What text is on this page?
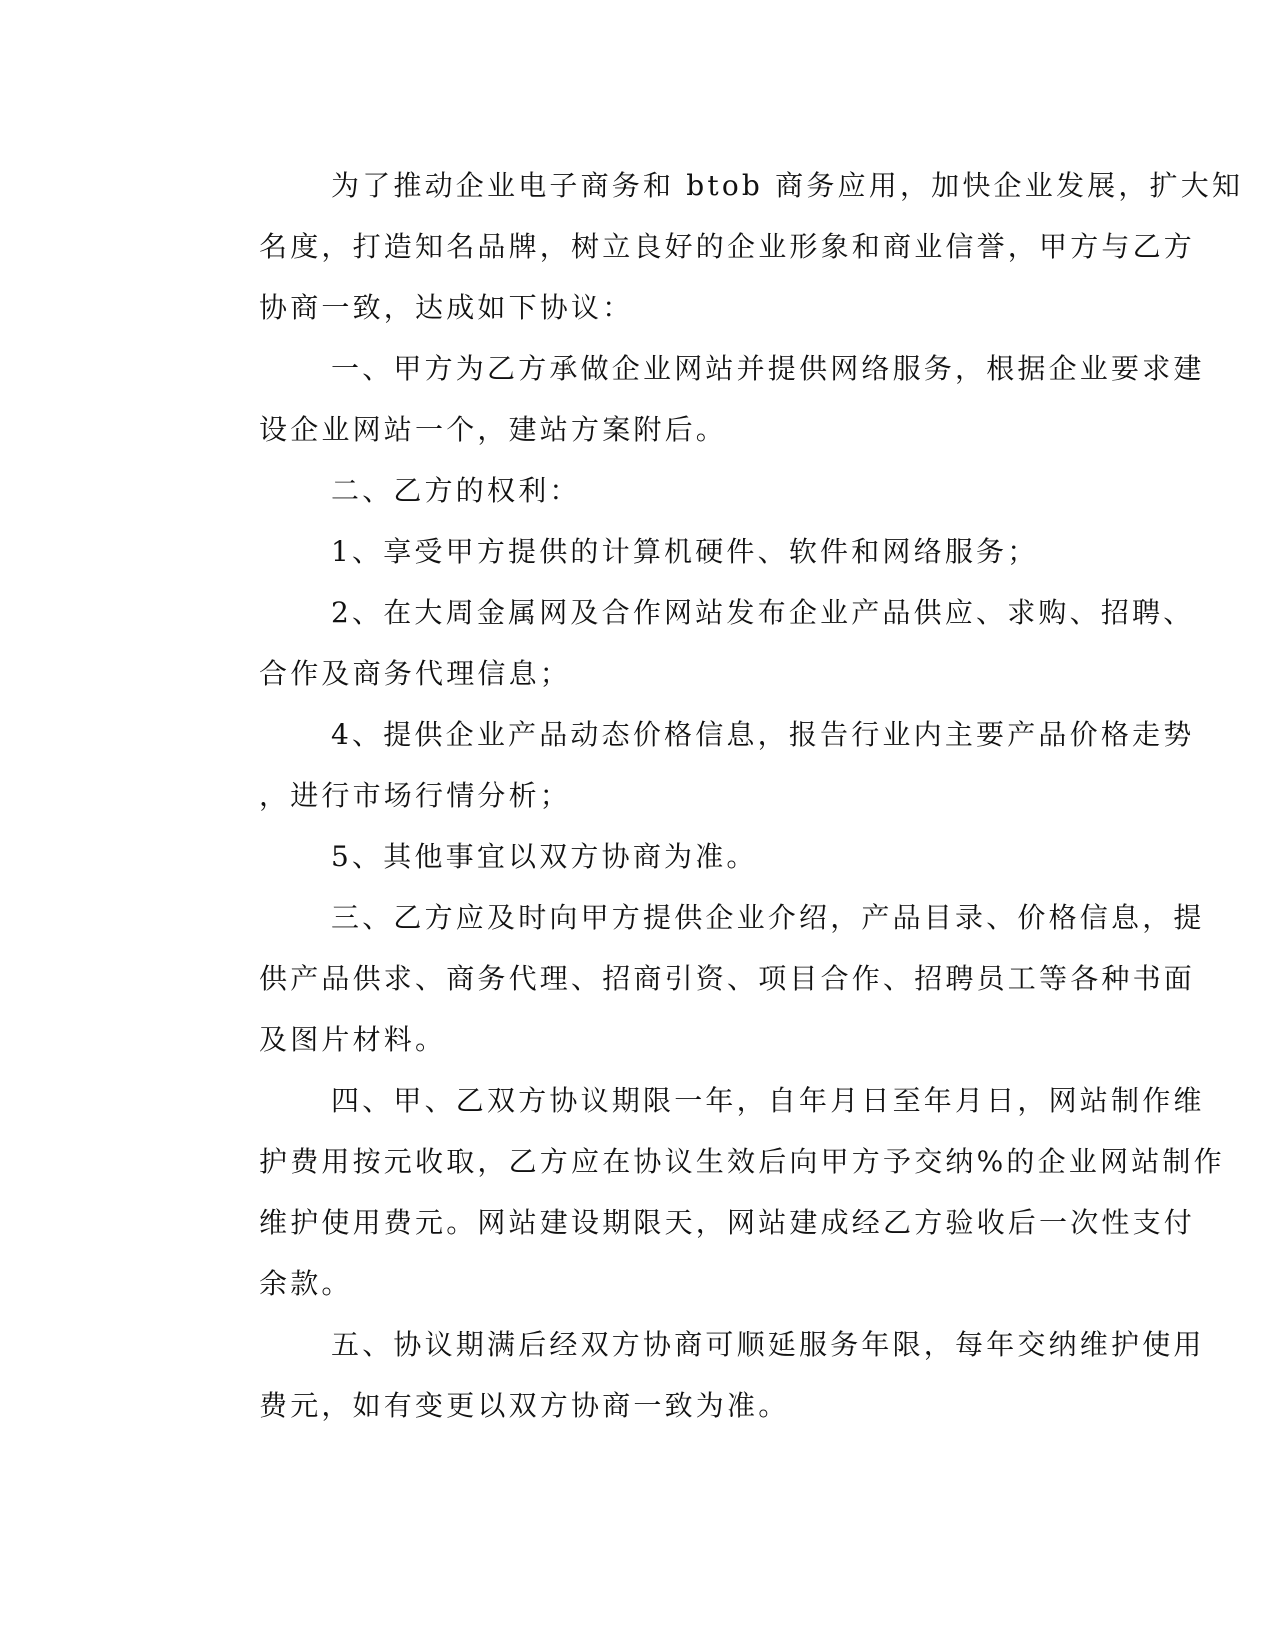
为了推动企业电子商务和 btob 商务应用，加快企业发展，扩大知
名度，打造知名品牌，树立良好的企业形象和商业信誉，甲方与乙方
协商一致，达成如下协议：
一、甲方为乙方承做企业网站并提供网络服务，根据企业要求建
设企业网站一个，建站方案附后。
二、乙方的权利：
1、享受甲方提供的计算机硬件、软件和网络服务；
2、在大周金属网及合作网站发布企业产品供应、求购、招聘、
合作及商务代理信息；
4、提供企业产品动态价格信息，报告行业内主要产品价格走势
，进行市场行情分析；
5、其他事宜以双方协商为准。
三、乙方应及时向甲方提供企业介绍，产品目录、价格信息，提
供产品供求、商务代理、招商引资、项目合作、招聘员工等各种书面
及图片材料。
四、甲、乙双方协议期限一年，自年月日至年月日，网站制作维
护费用按元收取，乙方应在协议生效后向甲方予交纳%的企业网站制作
维护使用费元。网站建设期限天，网站建成经乙方验收后一次性支付
余款。
五、协议期满后经双方协商可顺延服务年限，每年交纳维护使用
费元，如有变更以双方协商一致为准。
